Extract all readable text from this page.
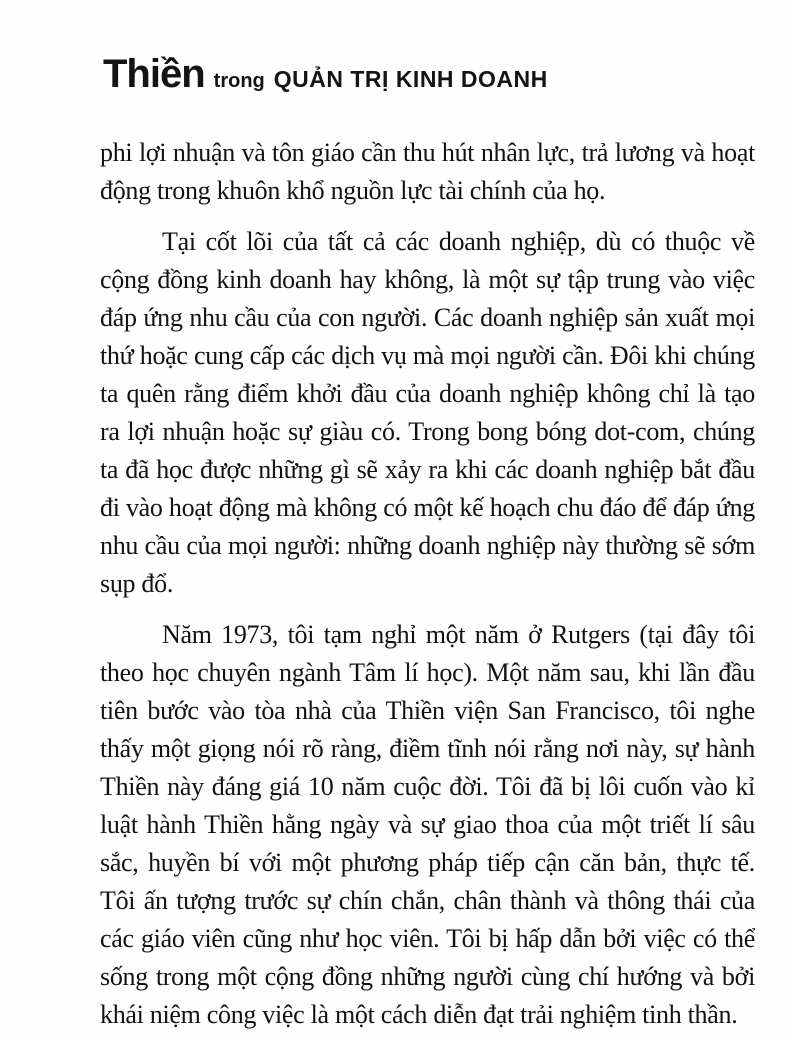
Thiền trong QUẢN TRỊ KINH DOANH

phi lợi nhuận và tôn giáo cần thu hút nhân lực, trả lương và hoạt động trong khuôn khổ nguồn lực tài chính của họ.

Tại cốt lõi của tất cả các doanh nghiệp, dù có thuộc về cộng đồng kinh doanh hay không, là một sự tập trung vào việc đáp ứng nhu cầu của con người. Các doanh nghiệp sản xuất mọi thứ hoặc cung cấp các dịch vụ mà mọi người cần. Đôi khi chúng ta quên rằng điểm khởi đầu của doanh nghiệp không chỉ là tạo ra lợi nhuận hoặc sự giàu có. Trong bong bóng dot-com, chúng ta đã học được những gì sẽ xảy ra khi các doanh nghiệp bắt đầu đi vào hoạt động mà không có một kế hoạch chu đáo để đáp ứng nhu cầu của mọi người: những doanh nghiệp này thường sẽ sớm sụp đổ.

Năm 1973, tôi tạm nghỉ một năm ở Rutgers (tại đây tôi theo học chuyên ngành Tâm lí học). Một năm sau, khi lần đầu tiên bước vào tòa nhà của Thiền viện San Francisco, tôi nghe thấy một giọng nói rõ ràng, điềm tĩnh nói rằng nơi này, sự hành Thiền này đáng giá 10 năm cuộc đời. Tôi đã bị lôi cuốn vào kỉ luật hành Thiền hằng ngày và sự giao thoa của một triết lí sâu sắc, huyền bí với một phương pháp tiếp cận căn bản, thực tế. Tôi ấn tượng trước sự chín chắn, chân thành và thông thái của các giáo viên cũng như học viên. Tôi bị hấp dẫn bởi việc có thể sống trong một cộng đồng những người cùng chí hướng và bởi khái niệm công việc là một cách diễn đạt trải nghiệm tinh thần.
